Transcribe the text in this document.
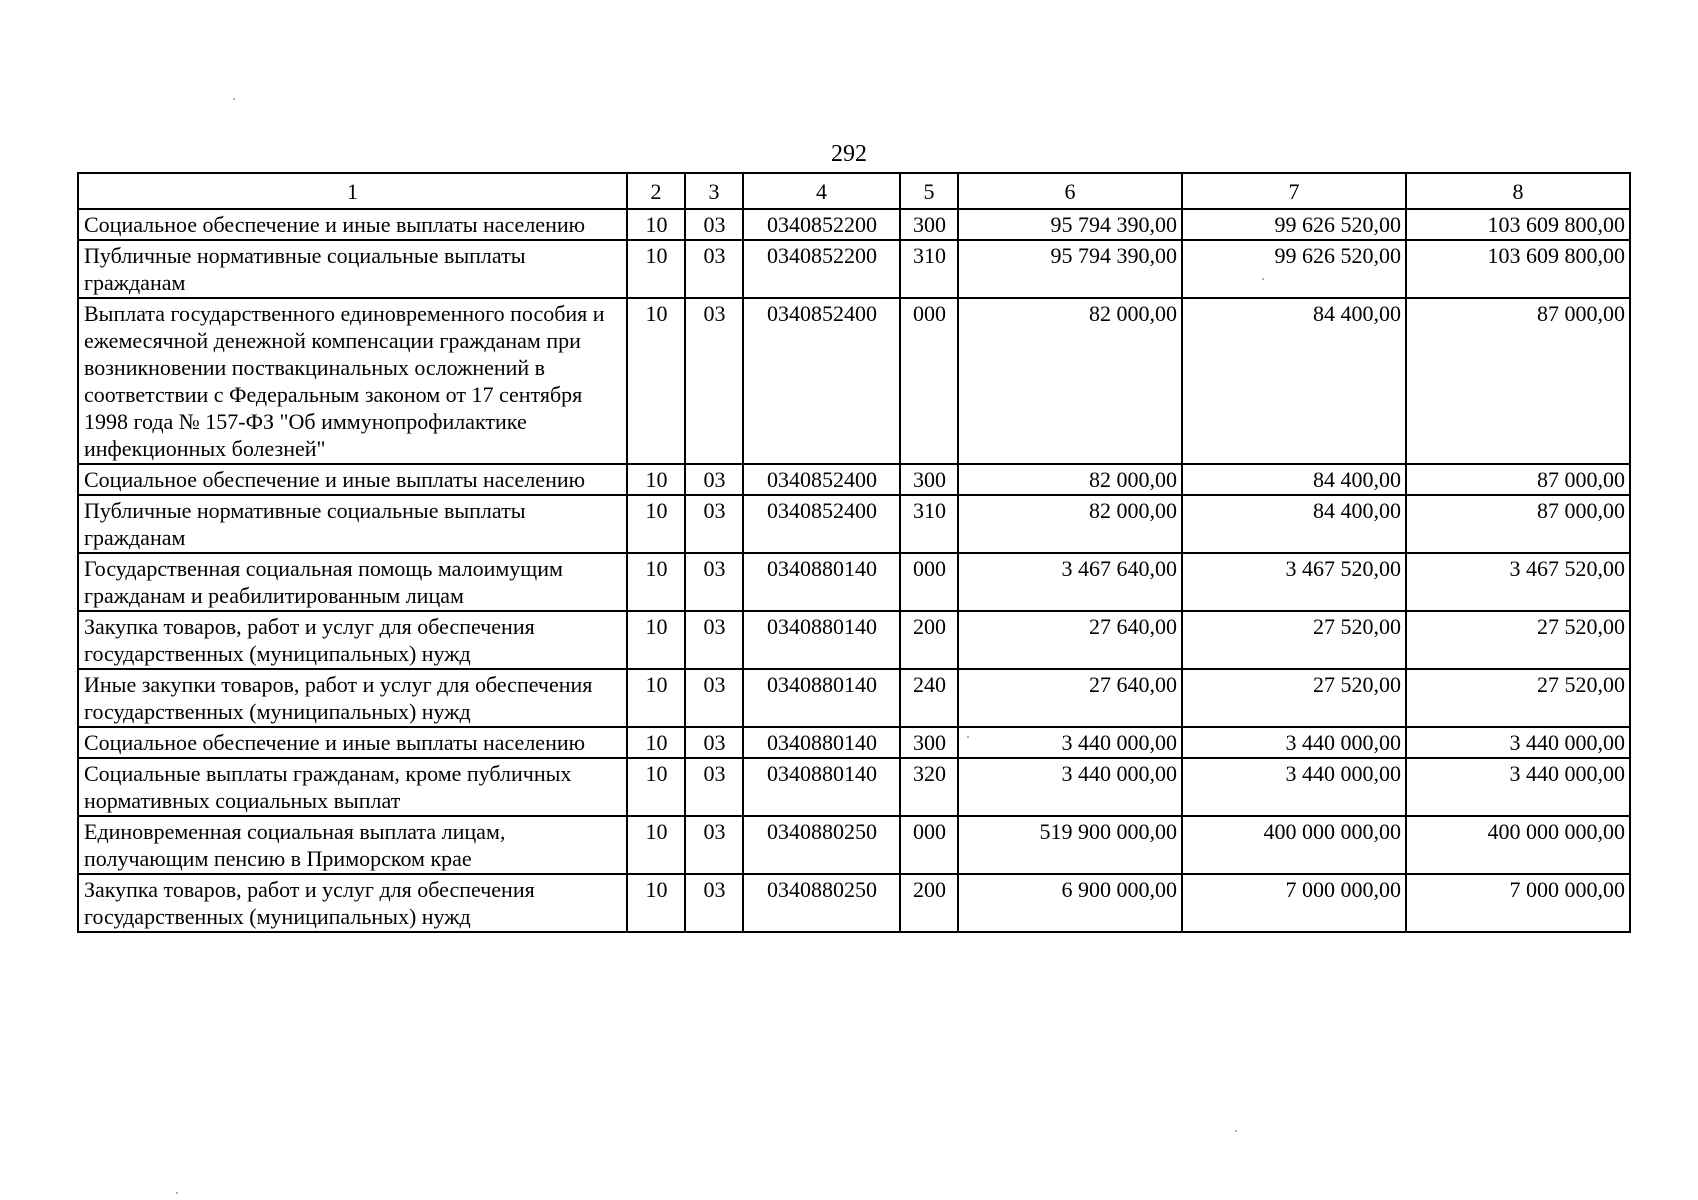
292
1	2	3	4	5	6	7	8
Социальное обеспечение и иные выплаты населению	10	03	0340852200	300	95 794 390,00	99 626 520,00	103 609 800,00
Публичные нормативные социальные выплаты гражданам	10	03	0340852200	310	95 794 390,00	99 626 520,00	103 609 800,00
Выплата государственного единовременного пособия и ежемесячной денежной компенсации гражданам при возникновении поствакцинальных осложнений в соответствии с Федеральным законом от 17 сентября 1998 года № 157-ФЗ "Об иммунопрофилактике инфекционных болезней"	10	03	0340852400	000	82 000,00	84 400,00	87 000,00
Социальное обеспечение и иные выплаты населению	10	03	0340852400	300	82 000,00	84 400,00	87 000,00
Публичные нормативные социальные выплаты гражданам	10	03	0340852400	310	82 000,00	84 400,00	87 000,00
Государственная социальная помощь малоимущим гражданам и реабилитированным лицам	10	03	0340880140	000	3 467 640,00	3 467 520,00	3 467 520,00
Закупка товаров, работ и услуг для обеспечения государственных (муниципальных) нужд	10	03	0340880140	200	27 640,00	27 520,00	27 520,00
Иные закупки товаров, работ и услуг для обеспечения государственных (муниципальных) нужд	10	03	0340880140	240	27 640,00	27 520,00	27 520,00
Социальное обеспечение и иные выплаты населению	10	03	0340880140	300	3 440 000,00	3 440 000,00	3 440 000,00
Социальные выплаты гражданам, кроме публичных нормативных социальных выплат	10	03	0340880140	320	3 440 000,00	3 440 000,00	3 440 000,00
Единовременная социальная выплата лицам, получающим пенсию в Приморском крае	10	03	0340880250	000	519 900 000,00	400 000 000,00	400 000 000,00
Закупка товаров, работ и услуг для обеспечения государственных (муниципальных) нужд	10	03	0340880250	200	6 900 000,00	7 000 000,00	7 000 000,00
